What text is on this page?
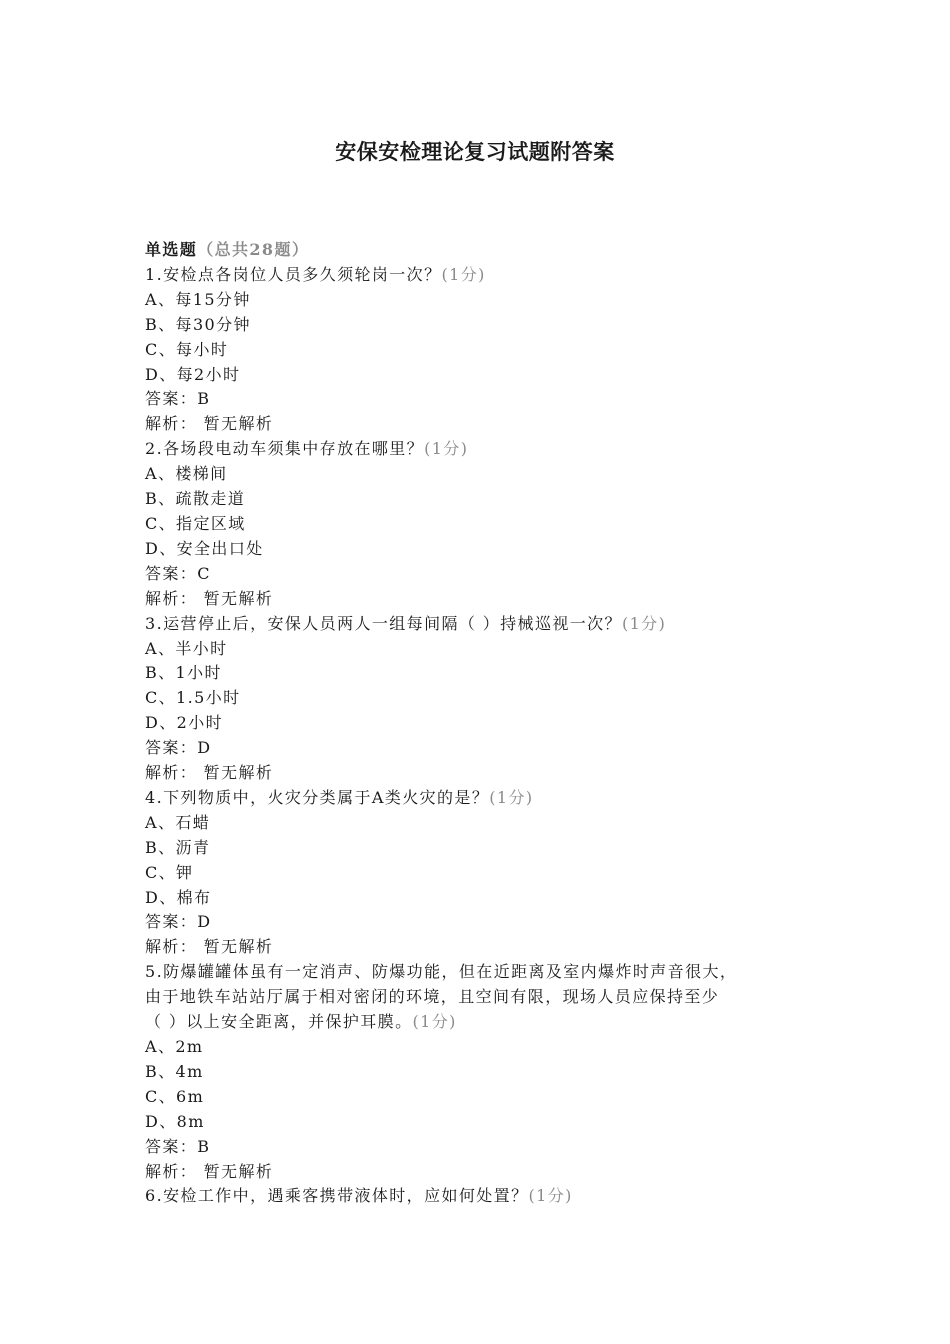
安保安检理论复习试题附答案
单选题（总共28题）
1.安检点各岗位人员多久须轮岗一次？(1分)
A、每15分钟
B、每30分钟
C、每小时
D、每2小时
答案：B
解析： 暂无解析
2.各场段电动车须集中存放在哪里？(1分)
A、楼梯间
B、疏散走道
C、指定区域
D、安全出口处
答案：C
解析： 暂无解析
3.运营停止后，安保人员两人一组每间隔（ ）持械巡视一次？(1分)
A、半小时
B、1小时
C、1.5小时
D、2小时
答案：D
解析： 暂无解析
4.下列物质中，火灾分类属于A类火灾的是？(1分)
A、石蜡
B、沥青
C、钾
D、棉布
答案：D
解析： 暂无解析
5.防爆罐罐体虽有一定消声、防爆功能，但在近距离及室内爆炸时声音很大，
由于地铁车站站厅属于相对密闭的环境，且空间有限，现场人员应保持至少
（ ）以上安全距离，并保护耳膜。(1分)
A、2m
B、4m
C、6m
D、8m
答案：B
解析： 暂无解析
6.安检工作中，遇乘客携带液体时，应如何处置？(1分)
